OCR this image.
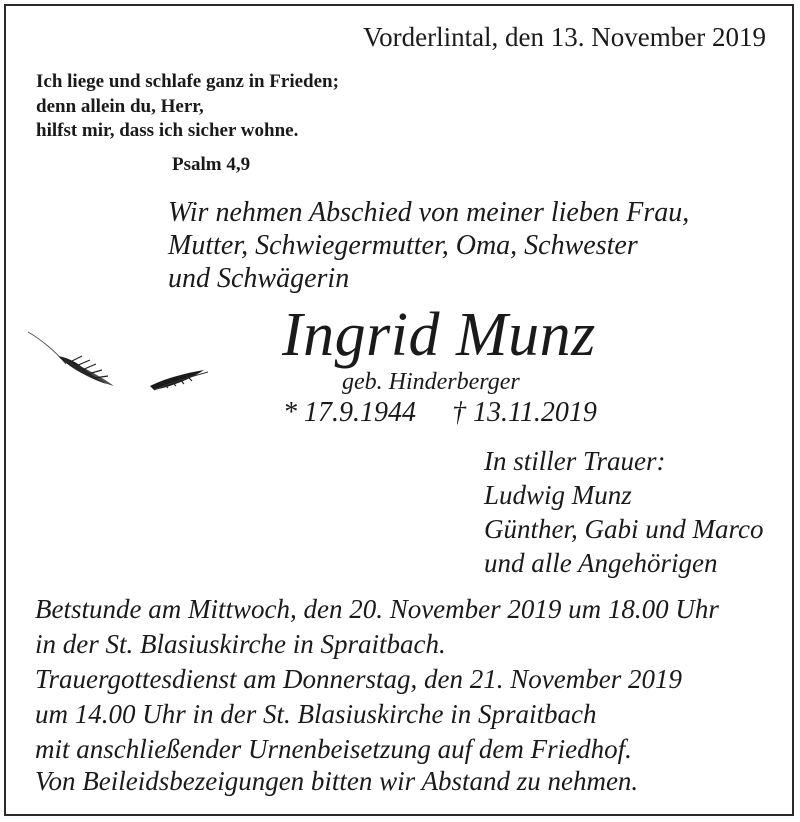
Vorderlintal, den 13. November 2019
Ich liege und schlafe ganz in Frieden;
denn allein du, Herr,
hilfst mir, dass ich sicher wohne.
Psalm 4,9
Wir nehmen Abschied von meiner lieben Frau,
Mutter, Schwiegermutter, Oma, Schwester
und Schwägerin
Ingrid Munz
geb. Hinderberger
* 17.9.1944 † 13.11.2019
In stiller Trauer:
Ludwig Munz
Günther, Gabi und Marco
und alle Angehörigen
Betstunde am Mittwoch, den 20. November 2019 um 18.00 Uhr
in der St. Blasiuskirche in Spraitbach.
Trauergottesdienst am Donnerstag, den 21. November 2019
um 14.00 Uhr in der St. Blasiuskirche in Spraitbach
mit anschließender Urnenbeisetzung auf dem Friedhof.
Von Beileidsbezeigungen bitten wir Abstand zu nehmen.
